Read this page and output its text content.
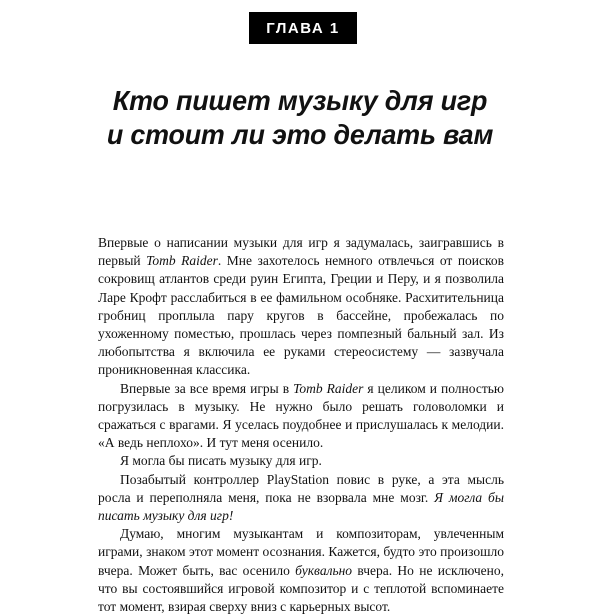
ГЛАВА 1
Кто пишет музыку для игр
и стоит ли это делать вам

Впервые о написании музыки для игр я задумалась, заигравшись в первый Tomb Raider. Мне захотелось немного отвлечься от поисков сокровищ атлантов среди руин Египта, Греции и Перу, и я позволила Ларе Крофт расслабиться в ее фамильном особняке. Расхитительница гробниц проплыла пару кругов в бассейне, пробежалась по ухоженному поместью, прошлась через помпезный бальный зал. Из любопытства я включила ее руками стереосистему — зазвучала проникновенная классика.

Впервые за все время игры в Tomb Raider я целиком и полностью погрузилась в музыку. Не нужно было решать головоломки и сражаться с врагами. Я уселась поудобнее и прислушалась к мелодии. «А ведь неплохо». И тут меня осенило.

Я могла бы писать музыку для игр.

Позабытый контроллер PlayStation повис в руке, а эта мысль росла и переполняла меня, пока не взорвала мне мозг. Я могла бы писать музыку для игр!

Думаю, многим музыкантам и композиторам, увлеченным играми, знаком этот момент осознания. Кажется, будто это произошло вчера. Может быть, вас осенило буквально вчера. Но не исключено, что вы состоявшийся игровой композитор и с теплотой вспоминаете тот момент, взирая сверху вниз с карьерных высот.
